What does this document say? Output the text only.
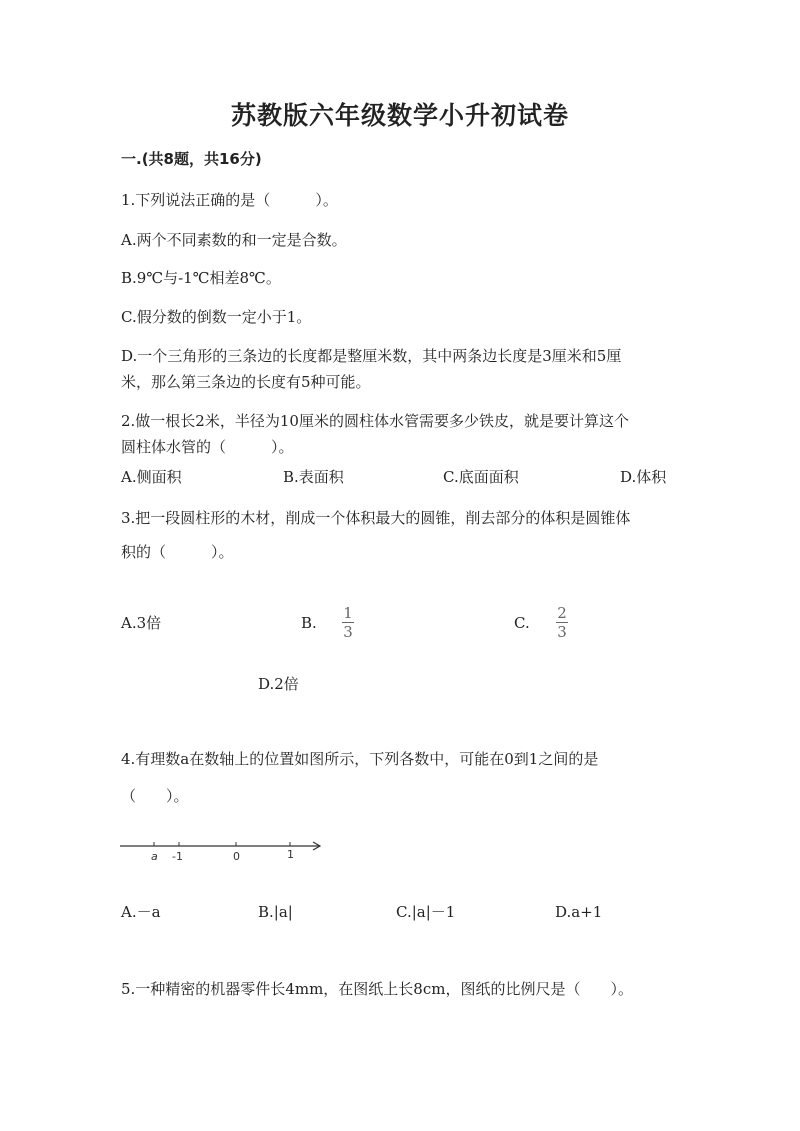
苏教版六年级数学小升初试卷
一.(共8题，共16分)
1.下列说法正确的是（　　　）。
A.两个不同素数的和一定是合数。
B.9℃与-1℃相差8℃。
C.假分数的倒数一定小于1。
D.一个三角形的三条边的长度都是整厘米数，其中两条边长度是3厘米和5厘
米，那么第三条边的长度有5种可能。
2.做一根长2米，半径为10厘米的圆柱体水管需要多少铁皮，就是要计算这个
圆柱体水管的（　　　）。
A.侧面积	B.表面积	C.底面面积	D.体积
3.把一段圆柱形的木材，削成一个体积最大的圆锥，削去部分的体积是圆锥体
积的（　　　）。
A.3倍	B.
1
3	C.
2
3
D.2倍
4.有理数a在数轴上的位置如图所示，下列各数中，可能在0到1之间的是
（　　）。
a -1	0	1
A.－a	B.|a|	C.|a|－1	D.a+1
5.一种精密的机器零件长4mm，在图纸上长8cm，图纸的比例尺是（　　）。
